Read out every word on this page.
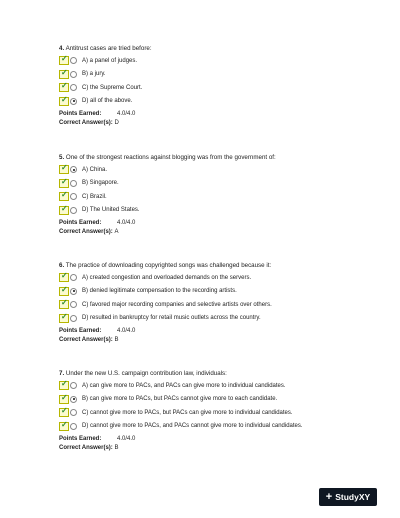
4. Antitrust cases are tried before:

✓ A) a panel of judges.
✓ B) a jury.
✓ C) the Supreme Court.
✓ D) all of the above.
Points Earned:	4.0/4.0
Correct Answer(s): D

5. One of the strongest reactions against blogging was from the government of:

✓ A) China.
✓ B) Singapore.
✓ C) Brazil.
✓ D) The United States.
Points Earned:	4.0/4.0
Correct Answer(s): A

6. The practice of downloading copyrighted songs was challenged because it:

✓ A) created congestion and overloaded demands on the servers.
✓ B) denied legitimate compensation to the recording artists.
✓ C) favored major recording companies and selective artists over others.
✓ D) resulted in bankruptcy for retail music outlets across the country.
Points Earned:	4.0/4.0
Correct Answer(s): B

7. Under the new U.S. campaign contribution law, individuals:

✓ A) can give more to PACs, and PACs can give more to individual candidates.
✓ B) can give more to PACs, but PACs cannot give more to each candidate.
✓ C) cannot give more to PACs, but PACs can give more to individual candidates.
✓ D) cannot give more to PACs, and PACs cannot give more to individual candidates.
Points Earned:	4.0/4.0
Correct Answer(s): B
+ StudyXY
